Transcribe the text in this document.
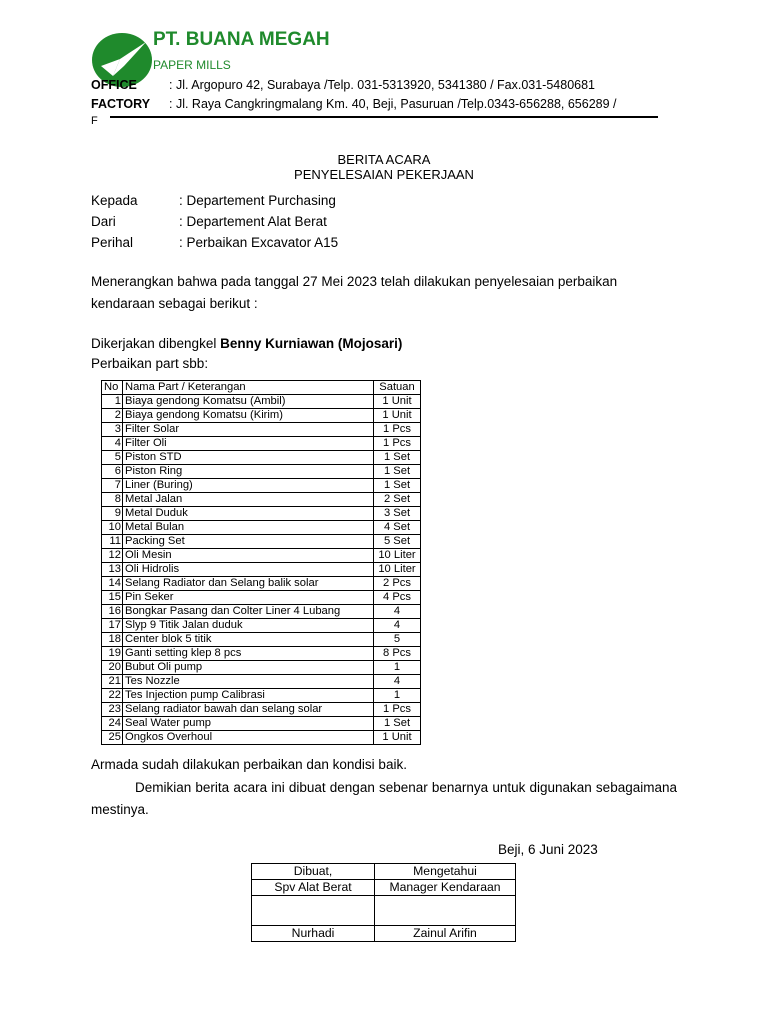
PT. BUANA MEGAH
PAPER MILLS
OFFICE	: Jl. Argopuro 42, Surabaya /Telp. 031-5313920, 5341380 / Fax.031-5480681
FACTORY : Jl. Raya Cangkringmalang Km. 40, Beji, Pasuruan /Telp.0343-656288, 656289 /
F
BERITA ACARA
PENYELESAIAN PEKERJAAN
Kepada	: Departement Purchasing
Dari	: Departement Alat Berat
Perihal	: Perbaikan Excavator A15
Menerangkan bahwa pada tanggal 27 Mei 2023 telah dilakukan penyelesaian perbaikan kendaraan sebagai berikut :
Dikerjakan dibengkel Benny Kurniawan (Mojosari)
Perbaikan part sbb:
No	Nama Part / Keterangan	Satuan
1	Biaya gendong Komatsu (Ambil)	1 Unit
2	Biaya gendong Komatsu (Kirim)	1 Unit
3	Filter Solar	1 Pcs
4	Filter Oli	1 Pcs
5	Piston STD	1 Set
6	Piston Ring	1 Set
7	Liner (Buring)	1 Set
8	Metal Jalan	2 Set
9	Metal Duduk	3 Set
10	Metal Bulan	4 Set
11	Packing Set	5 Set
12	Oli Mesin	10 Liter
13	Oli Hidrolis	10 Liter
14	Selang Radiator dan Selang balik solar	2 Pcs
15	Pin Seker	4 Pcs
16	Bongkar Pasang dan Colter Liner 4 Lubang	4
17	Slyp 9 Titik Jalan duduk	4
18	Center blok 5 titik	5
19	Ganti setting klep 8 pcs	8 Pcs
20	Bubut Oli pump	1
21	Tes Nozzle	4
22	Tes Injection pump Calibrasi	1
23	Selang radiator bawah dan selang solar	1 Pcs
24	Seal Water pump	1 Set
25	Ongkos Overhoul	1 Unit
Armada sudah dilakukan perbaikan dan kondisi baik.
Demikian berita acara ini dibuat dengan sebenar benarnya untuk digunakan sebagaimana mestinya.
Beji, 6 Juni 2023
Dibuat,	Mengetahui
Spv Alat Berat	Manager Kendaraan

Nurhadi	Zainul Arifin
